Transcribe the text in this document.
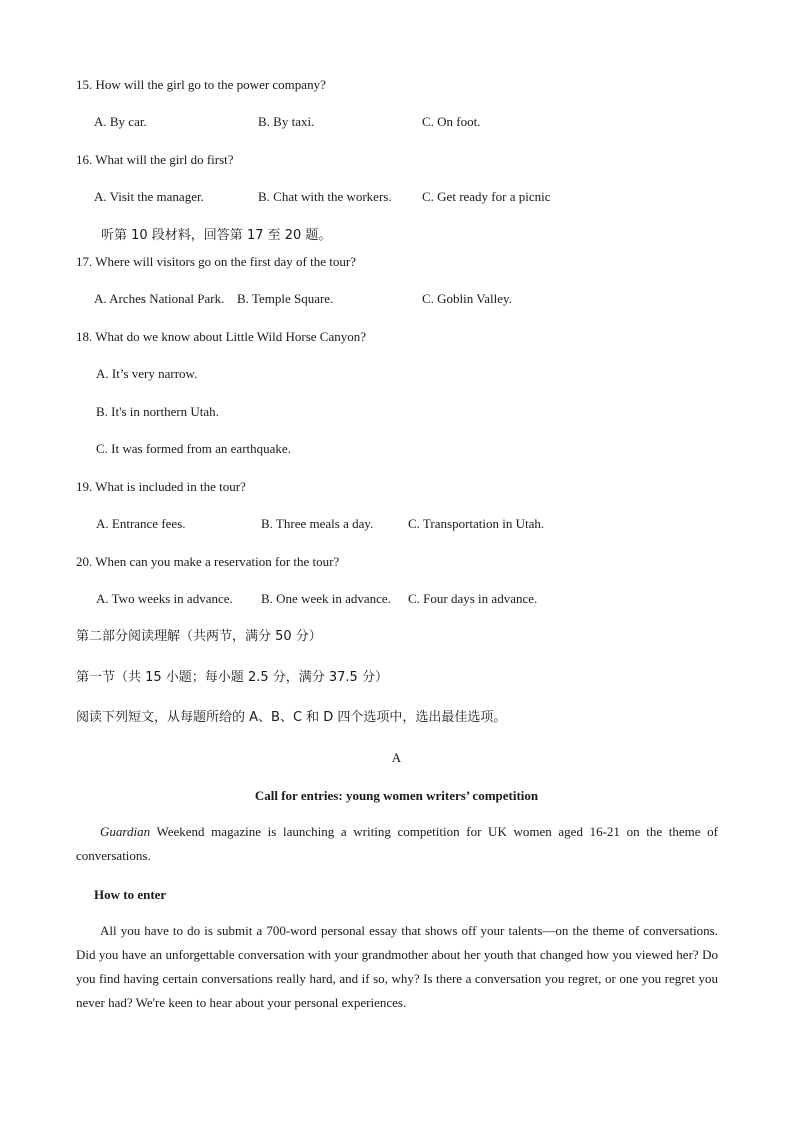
15. How will the girl go to the power company?
A. By car.	B. By taxi.	C. On foot.
16. What will the girl do first?
A. Visit the manager.	B. Chat with the workers. C. Get ready for a picnic
听第 10 段材料，回答第 17 至 20 题。
17. Where will visitors go on the first day of the tour?
A. Arches National Park. B. Temple Square.	C. Goblin Valley.
18. What do we know about Little Wild Horse Canyon?
A. It’s very narrow.
B. It's in northern Utah.
C. It was formed from an earthquake.
19. What is included in the tour?
A. Entrance fees.	B. Three meals a day.	C. Transportation in Utah.
20. When can you make a reservation for the tour?
A. Two weeks in advance. B. One week in advance. C. Four days in advance.
第二部分阅读理解（共两节，满分 50 分）
第一节（共 15 小题；每小题 2.5 分，满分 37.5 分）
阅读下列短文，从每题所给的 A、B、C 和 D 四个选项中，选出最佳选项。
A
Call for entries: young women writers’ competition
Guardian Weekend magazine is launching a writing competition for UK women aged 16-21 on the theme of conversations.
How to enter
All you have to do is submit a 700-word personal essay that shows off your talents—on the theme of conversations. Did you have an unforgettable conversation with your grandmother about her youth that changed how you viewed her? Do you find having certain conversations really hard, and if so, why? Is there a conversation you regret, or one you regret you never had? We're keen to hear about your personal experiences.
